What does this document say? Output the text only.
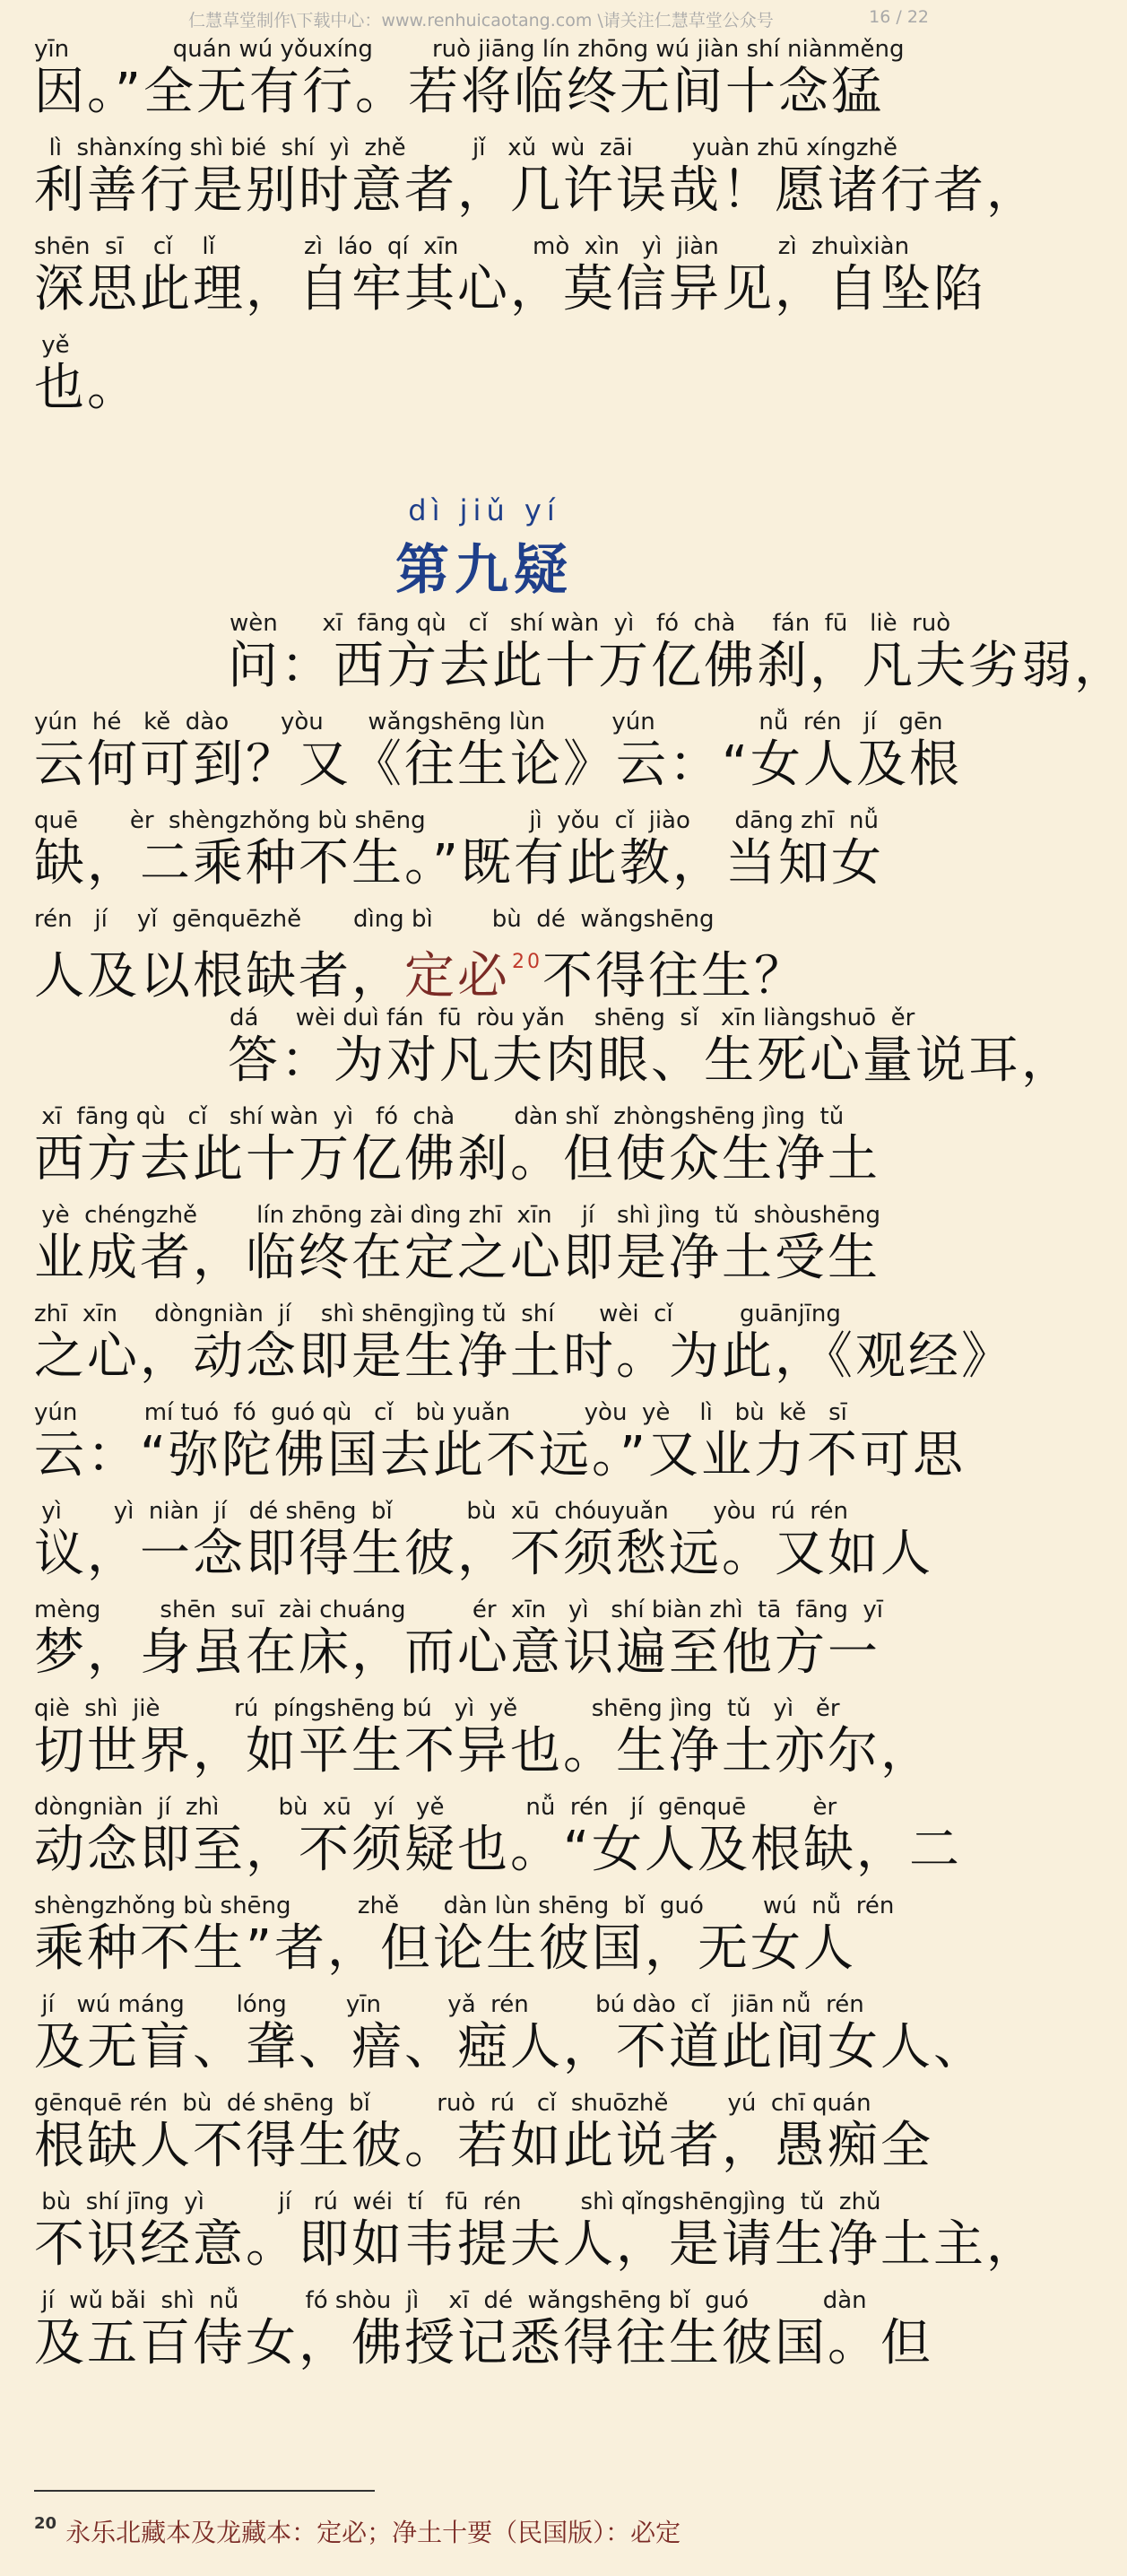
仁慧草堂制作\下载中心：www.renhuicaotang.com \请关注仁慧草堂公众号	16 / 22
yīn              quán wú yǒuxíng        ruò jiāng lín zhōng wú jiàn shí niànměng
因。”全无有行。若将临终无间十念猛
lì  shànxíng shì bié  shí  yì  zhě         jǐ   xǔ  wù  zāi        yuàn zhū xíngzhě
利善行是别时意者，几许误哉！愿诸行者，
shēn  sī    cǐ    lǐ            zì  láo  qí  xīn          mò  xìn   yì  jiàn        zì  zhuìxiàn
深思此理，自牢其心，莫信异见，自坠陷
yě
也。
dì jiǔ yí
第九疑
wèn      xī  fāng qù   cǐ   shí wàn  yì   fó  chà     fán  fū   liè  ruò
问：西方去此十万亿佛刹，凡夫劣弱，
yún  hé   kě  dào       yòu      wǎngshēng lùn         yún              nǚ  rén   jí   gēn
云何可到？又《往生论》云：“女人及根
quē       èr  shèngzhǒng bù shēng              jì  yǒu  cǐ  jiào      dāng zhī  nǚ
缺，二乘种不生。”既有此教，当知女
rén   jí    yǐ  gēnquēzhě       dìng bì        bù  dé  wǎngshēng
人及以根缺者，定必$^{20}$不得往生？
dá     wèi duì fán  fū  ròu yǎn    shēng  sǐ   xīn liàngshuō  ěr
答：为对凡夫肉眼、生死心量说耳，
xī  fāng qù   cǐ   shí wàn  yì   fó  chà        dàn shǐ  zhòngshēng jìng  tǔ
西方去此十万亿佛刹。但使众生净土
yè  chéngzhě        lín zhōng zài dìng zhī  xīn    jí   shì jìng  tǔ  shòushēng
业成者，临终在定之心即是净土受生
zhī  xīn     dòngniàn  jí    shì shēngjìng tǔ  shí      wèi  cǐ         guānjīng
之心，动念即是生净土时。为此，《观经》
yún         mí tuó  fó  guó qù   cǐ   bù yuǎn          yòu  yè    lì   bù  kě   sī
云：“弥陀佛国去此不远。”又业力不可思
yì       yì  niàn  jí   dé shēng  bǐ          bù  xū  chóuyuǎn      yòu  rú  rén
议，一念即得生彼，不须愁远。又如人
mèng        shēn  suī  zài chuáng         ér  xīn   yì   shí biàn zhì  tā  fāng  yī
梦，身虽在床，而心意识遍至他方一
qiè  shì  jiè          rú  píngshēng bú   yì  yě          shēng jìng  tǔ   yì   ěr
切世界，如平生不异也。生净土亦尔，
dòngniàn  jí  zhì        bù  xū   yí   yě           nǚ  rén   jí  gēnquē         èr
动念即至，不须疑也。“女人及根缺，二
shèngzhǒng bù shēng         zhě      dàn lùn shēng  bǐ  guó        wú  nǚ  rén
乘种不生”者，但论生彼国，无女人
jí   wú máng       lóng        yīn         yǎ  rén         bú dào  cǐ   jiān nǚ  rén
及无盲、聋、瘖、瘂人，不道此间女人、
gēnquē rén  bù  dé shēng  bǐ         ruò  rú   cǐ  shuōzhě        yú  chī quán
根缺人不得生彼。若如此说者，愚痴全
bù  shí jīng  yì          jí   rú  wéi  tí   fū  rén        shì qǐngshēngjìng  tǔ  zhǔ
不识经意。即如韦提夫人，是请生净土主，
jí  wǔ bǎi  shì  nǚ         fó shòu  jì    xī  dé  wǎngshēng bǐ  guó          dàn
及五百侍女，佛授记悉得往生彼国。但
$^{20}$ 永乐北藏本及龙藏本：定必；净土十要（民国版）：必定
